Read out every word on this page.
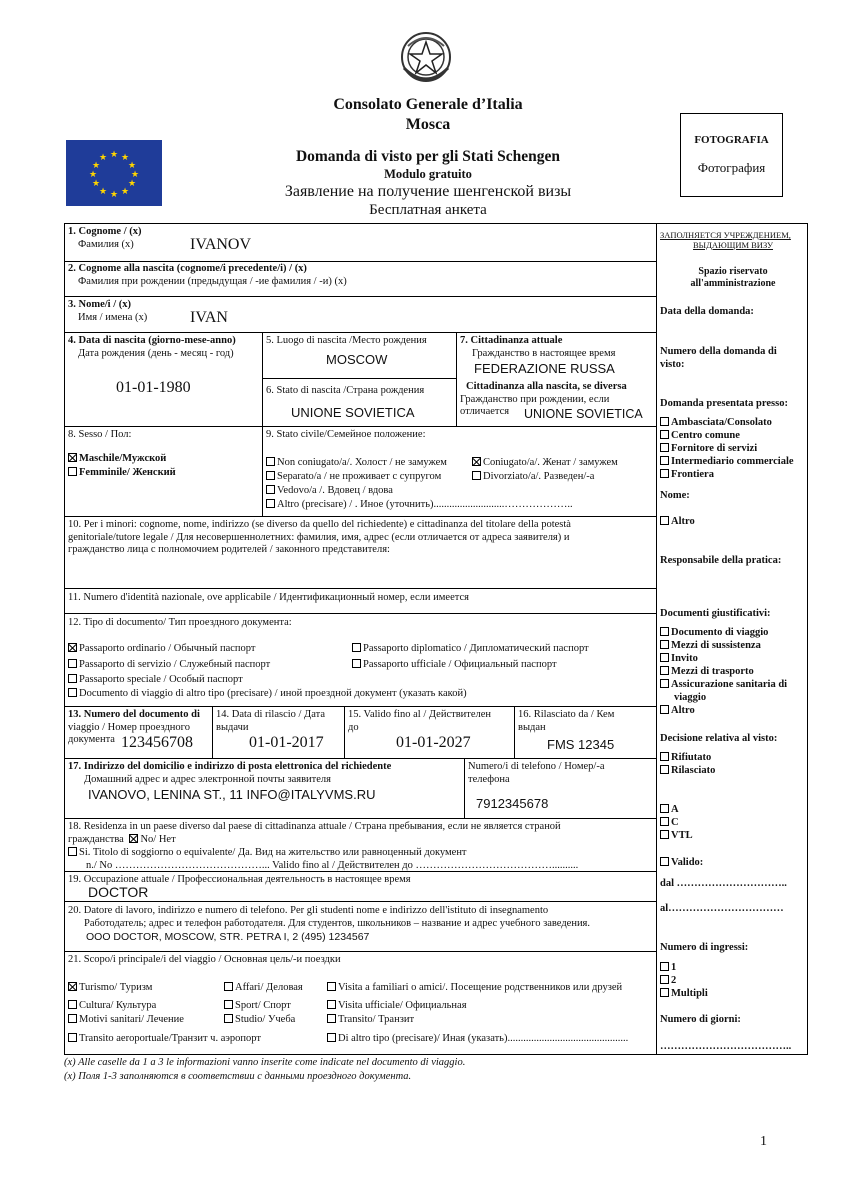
Consolato Generale d’Italia
Mosca
★ ★
★
★
★
★
★
★
★
★
★
★	Domanda di visto per gli Stati Schengen
Modulo gratuito
Заявление на получение шенгенской визы
Бесплатная анкета
FOTOGRAFIA
Фотография
1. Cognome / (x)
Фамилия (x)	IVANOV
2. Cognome alla nascita (cognome/i precedente/i) / (x)
Фамилия при рождении (предыдущая / -ие фамилия / -и) (x)
3. Nome/i / (x)
Имя / имена (x)	IVAN
4. Data di nascita (giorno-mese-anno)
Дата рождения (день - месяц - год)
01-01-1980
5. Luogo di nascita /Место рождения
MOSCOW
6. Stato di nascita /Страна рождения
UNIONE SOVIETICA
7. Cittadinanza attuale
Гражданство в настоящее время
FEDERAZIONE RUSSA
Cittadinanza alla nascita, se diversa
Гражданство при рождении, если
отличается	UNIONE SOVIETICA
8. Sesso / Пол:
Maschile/Мужской
Femminile/ Женский
9. Stato civile/Семейное положение:
Non coniugato/a/. Холост / не замужем	Coniugato/a/. Женат / замужем
Separato/a / не проживает с супругом	Divorziato/a/. Разведен/-а
Vedovo/a /. Вдовец / вдова
Altro (precisare) / . Иное (уточнить)...........................………………..
10. Per i minori: cognome, nome, indirizzo (se diverso da quello del richiedente) e cittadinanza del titolare della potestà
genitoriale/tutore legale / Для несовершеннолетних: фамилия, имя, адрес (если отличается от адреса заявителя) и
гражданство лица с полномочием родителей / законного представителя:
11. Numero d'identità nazionale, ove applicabile / Идентификационный номер, если имеется
12. Tipo di documento/ Тип проездного документа:
Passaporto ordinario / Обычный паспорт	Passaporto diplomatico / Дипломатический паспорт
Passaporto di servizio / Служебный паспорт	Passaporto ufficiale / Официальный паспорт
Passaporto speciale / Особый паспорт
Documento di viaggio di altro tipo (precisare) / иной проездной документ (указать какой)
13. Numero del documento di
viaggio / Номер проездного
документа 123456708
14. Data di rilascio / Дата
выдачи
01-01-2017
15. Valido fino al / Действителен
до
01-01-2027
16. Rilasciato da / Кем
выдан
FMS 12345
17. Indirizzo del domicilio e indirizzo di posta elettronica del richiedente
Домашний адрес и адрес электронной почты заявителя
IVANOVO, LENINA ST., 11 INFO@ITALYVMS.RU
Numero/i di telefono / Номер/-а
телефона
7912345678
18. Residenza in un paese diverso dal paese di cittadinanza attuale / Страна пребывания, если не является страной
гражданства No/ Нет
Si. Titolo di soggiorno o equivalente/ Да. Вид на жительство или равноценный документ
n./ No ……………………………………... Valido fino al / Действителен до …………………………………..........
19. Occupazione attuale / Профессиональная деятельность в настоящее время
DOCTOR
20. Datore di lavoro, indirizzo e numero di telefono. Per gli studenti nome e indirizzo dell'istituto di insegnamento
Работодатель; адрес и телефон работодателя. Для студентов, школьников – название и адрес учебного заведения.
OOO DOCTOR, MOSCOW, STR. PETRA I, 2 (495) 1234567
21. Scopo/i principale/i del viaggio / Основная цель/-и поездки
Turismo/ Туризм	Affari/ Деловая	Visita a familiari o amici/. Посещение родственников или друзей
Cultura/ Культура	Sport/ Спорт	Visita ufficiale/ Официальная
Motivi sanitari/ Лечение	Studio/ Учеба	Transito/ Транзит
Transito aeroportuale/Транзит ч. аэропорт	Di altro tipo (precisare)/ Иная (указать)..............................................
ЗАПОЛНЯЕТСЯ УЧРЕЖДЕНИЕМ,
ВЫДАЮЩИМ ВИЗУ
Spazio riservato
all'amministrazione
Data della domanda:
Numero della domanda di
visto:
Domanda presentata presso:
Ambasciata/Consolato
Centro comune
Fornitore di servizi
Intermediario commerciale
Frontiera
Nome:
Altro
Responsabile della pratica:
Documenti giustificativi:
Documento di viaggio
Mezzi di sussistenza
Invito
Mezzi di trasporto
Assicurazione sanitaria di
viaggio
Altro
Decisione relativa al visto:
Rifiutato
Rilasciato
A
C
VTL
Valido:
dal …………………………..
al……………………………
Numero di ingressi:
1
2
Multipli
Numero di giorni:
………………………………..
(x) Alle caselle da 1 a 3 le informazioni vanno inserite come indicate nel documento di viaggio.
(x) Поля 1-3 заполняются в соответствии с данными проездного документа.
1
